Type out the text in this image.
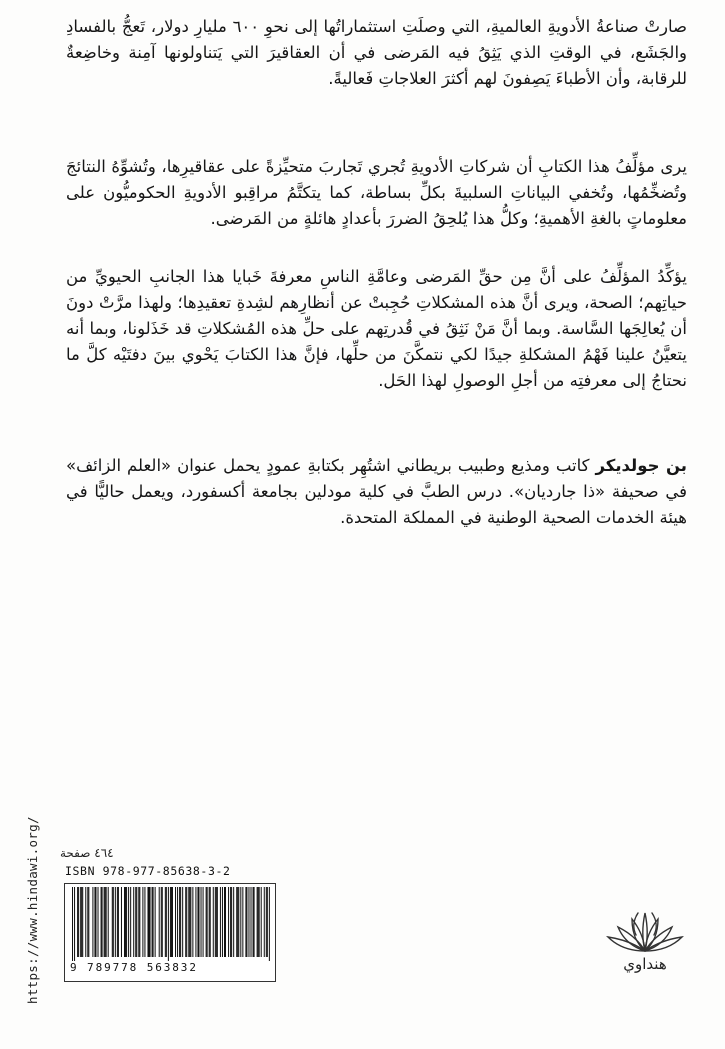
صارتْ صناعةُ الأدويةِ العالميةِ، التي وصلَتِ استثماراتُها إلى نحوِ ٦٠٠ مليارِ دولار، تَعجُّ بالفسادِ والجَشَع، في الوقتِ الذي يَثِقُ فيه المَرضى في أن العقاقيرَ التي يَتناولونها آمِنة وخاضِعةٌ للرقابة، وأن الأطباءَ يَصِفونَ لهم أكثرَ العلاجاتِ فَعاليةً.

يرى مؤلِّفُ هذا الكتابِ أن شركاتِ الأدويةِ تُجري تَجاربَ متحيِّزةً على عقاقيرِها، وتُشوِّهُ النتائجَ وتُضخِّمُها، وتُخفي البياناتِ السلبيةَ بكلِّ بساطة، كما يتكتَّمُ مراقِبو الأدويةِ الحكوميُّون على معلوماتٍ بالغةِ الأهميةِ؛ وكلُّ هذا يُلحِقُ الضررَ بأعدادٍ هائلةٍ من المَرضى.

يؤكِّدُ المؤلِّفُ على أنَّ مِن حقِّ المَرضى وعامَّةِ الناسِ معرفةَ خَبايا هذا الجانبِ الحيويِّ من حياتِهم؛ الصحة، ويرى أنَّ هذه المشكلاتِ حُجِبتْ عن أنظارِهم لشِدةِ تعقيدِها؛ ولهذا مرَّتْ دونَ أن يُعالِجَها السَّاسة. وبما أنَّ مَنْ نَثِقُ في قُدرتِهم على حلِّ هذه المُشكلاتِ قد خَذَلونا، وبما أنه يتعيَّنُ علينا فَهْمُ المشكلةِ جيدًا لكي نتمكَّنَ من حلِّها، فإنَّ هذا الكتابَ يَحْوي بينَ دفتَيْه كلَّ ما نحتاجُ إلى معرفتِه من أجلِ الوصولِ لهذا الحَل.

بن جولديكر كاتب ومذيع وطبيب بريطاني اشتُهِر بكتابةِ عمودٍ يحمل عنوان «العلم الزائف» في صحيفة «ذا جارديان». درس الطبَّ في كلية مودلين بجامعة أكسفورد، ويعمل حاليًّا في هيئة الخدمات الصحية الوطنية في المملكة المتحدة.

https://www.hindawi.org/ ٤٦٤ صفحة
ISBN 978-977-85638-3-2
9 789778 563832	هنداوي
